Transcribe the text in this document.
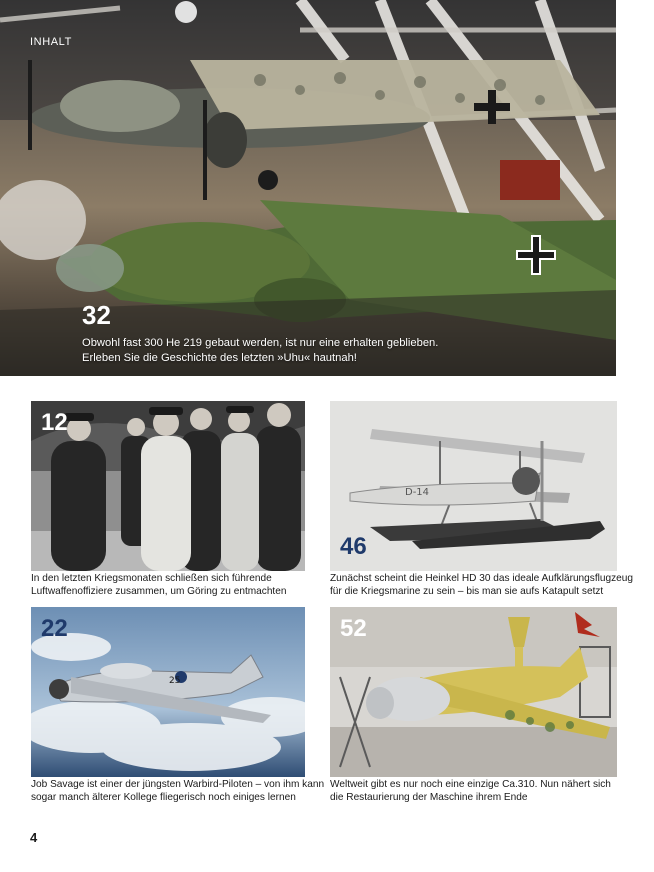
INHALT
32
Obwohl fast 300 He 219 gebaut werden, ist nur eine erhalten geblieben.
Erleben Sie die Geschichte des letzten »Uhu« hautnah!
12
In den letzten Kriegsmonaten schließen sich führende
Luftwaffenoffiziere zusammen, um Göring zu entmachten
D-14
46
Zunächst scheint die Heinkel HD 30 das ideale Aufklärungsflugzeug
für die Kriegsmarine zu sein – bis man sie aufs Katapult setzt
25
22
Job Savage ist einer der jüngsten Warbird-Piloten – von ihm kann
sogar manch älterer Kollege fliegerisch noch einiges lernen
52
Weltweit gibt es nur noch eine einzige Ca.310. Nun nähert sich
die Restaurierung der Maschine ihrem Ende
4
